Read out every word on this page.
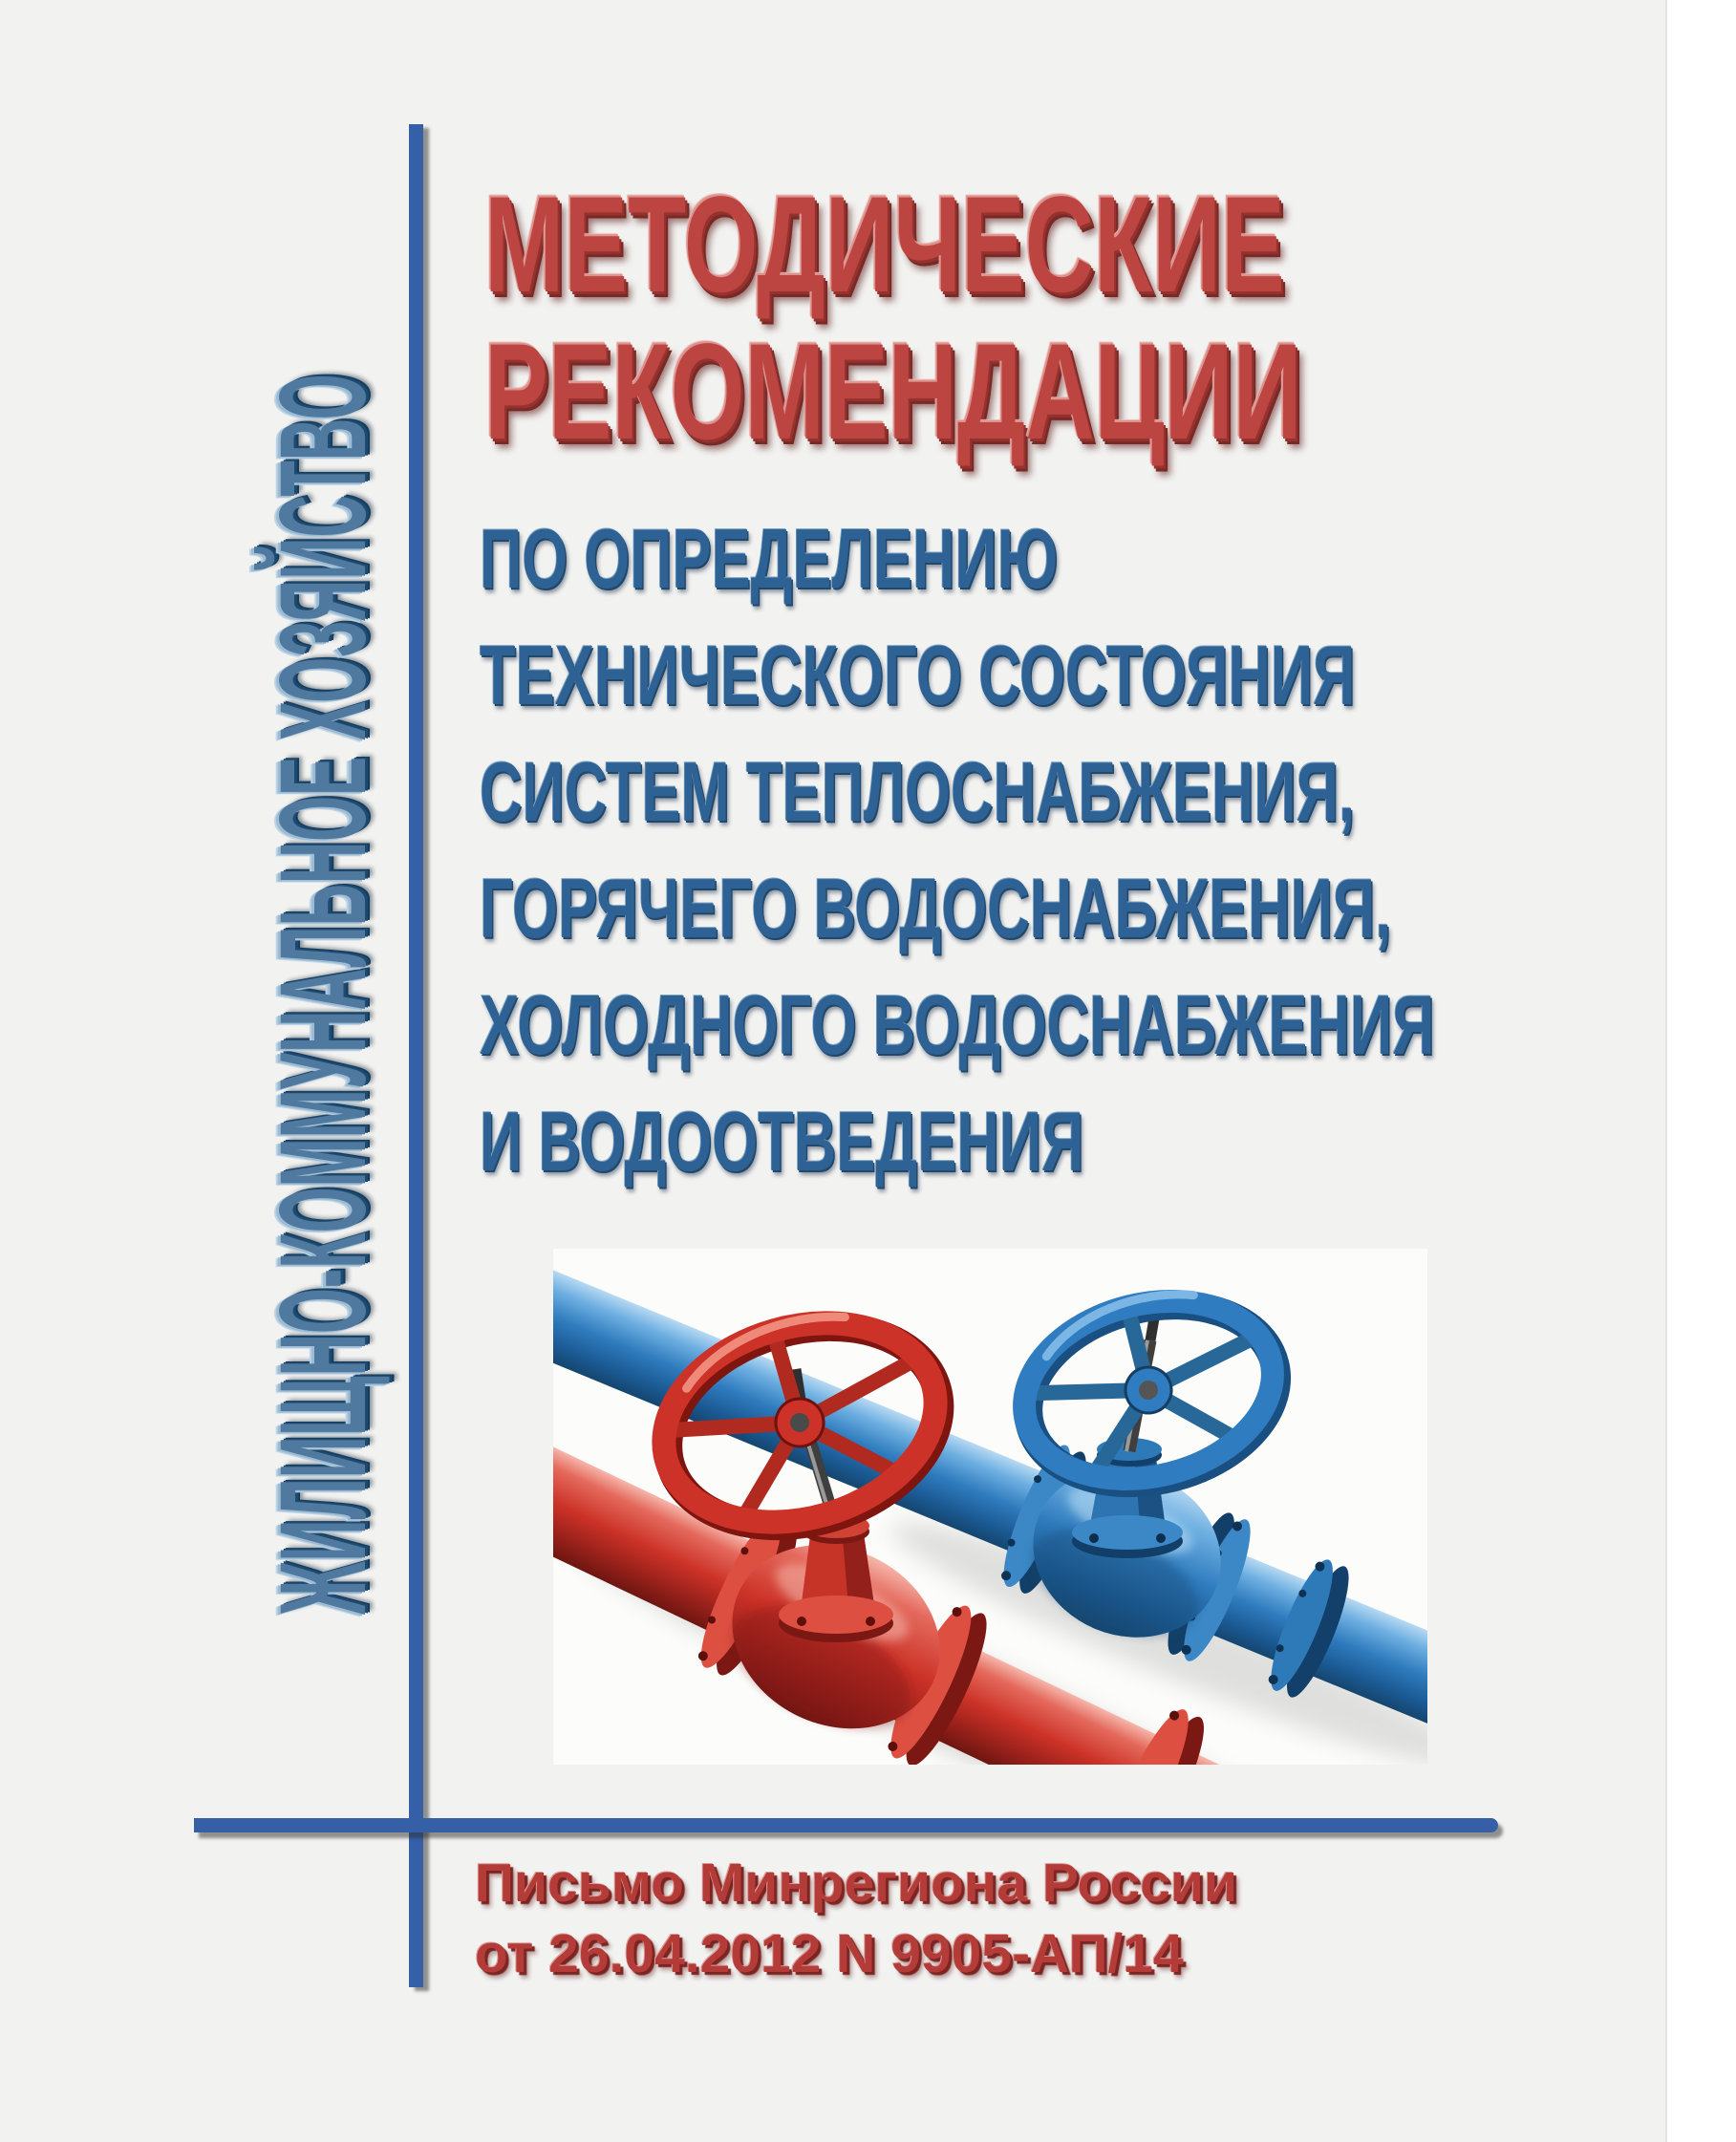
ЖИЛИЩНО-КОММУНАЛЬНОЕ ХОЗЯЙСТВО
МЕТОДИЧЕСКИЕ
РЕКОМЕНДАЦИИ
ПО ОПРЕДЕЛЕНИЮ
ТЕХНИЧЕСКОГО СОСТОЯНИЯ
СИСТЕМ ТЕПЛОСНАБЖЕНИЯ,
ГОРЯЧЕГО ВОДОСНАБЖЕНИЯ,
ХОЛОДНОГО ВОДОСНАБЖЕНИЯ
И ВОДООТВЕДЕНИЯ
Письмо Минрегиона России
от 26.04.2012 N 9905-АП/14
